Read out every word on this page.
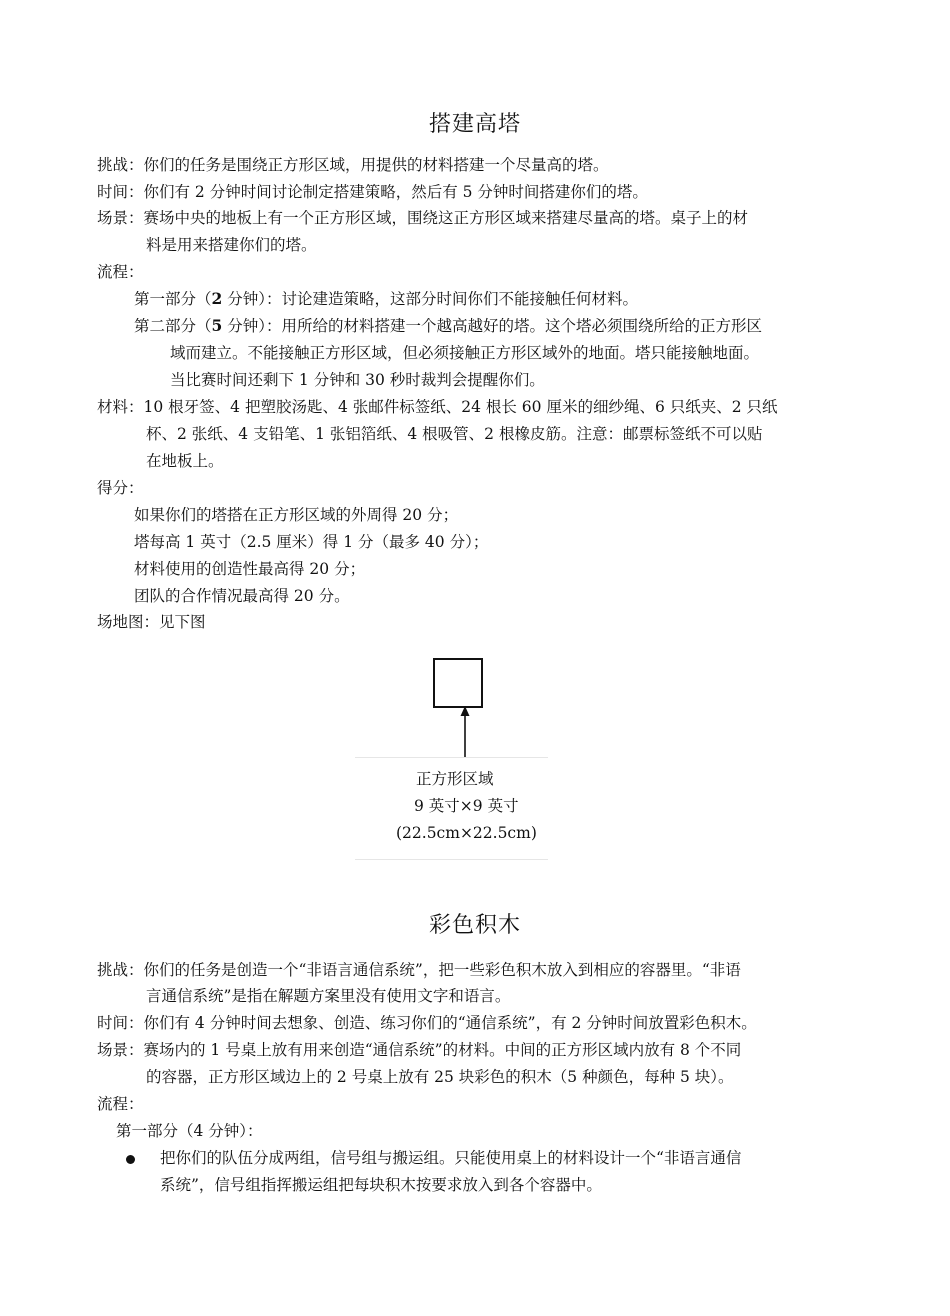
搭建高塔
挑战：你们的任务是围绕正方形区域，用提供的材料搭建一个尽量高的塔。
时间：你们有 2 分钟时间讨论制定搭建策略，然后有 5 分钟时间搭建你们的塔。
场景：赛场中央的地板上有一个正方形区域，围绕这正方形区域来搭建尽量高的塔。桌子上的材
料是用来搭建你们的塔。
流程：
第一部分（2 分钟）：讨论建造策略，这部分时间你们不能接触任何材料。
第二部分（5 分钟）：用所给的材料搭建一个越高越好的塔。这个塔必须围绕所给的正方形区
域而建立。不能接触正方形区域，但必须接触正方形区域外的地面。塔只能接触地面。
当比赛时间还剩下 1 分钟和 30 秒时裁判会提醒你们。
材料：10 根牙签、4 把塑胶汤匙、4 张邮件标签纸、24 根长 60 厘米的细纱绳、6 只纸夹、2 只纸
杯、2 张纸、4 支铅笔、1 张铝箔纸、4 根吸管、2 根橡皮筋。注意：邮票标签纸不可以贴
在地板上。
得分：
如果你们的塔搭在正方形区域的外周得 20 分；
塔每高 1 英寸（2.5 厘米）得 1 分（最多 40 分）；
材料使用的创造性最高得 20 分；
团队的合作情况最高得 20 分。
场地图：见下图
正方形区域
9 英寸×9 英寸
(22.5cm×22.5cm)
彩色积木
挑战：你们的任务是创造一个“非语言通信系统”，把一些彩色积木放入到相应的容器里。“非语
言通信系统”是指在解题方案里没有使用文字和语言。
时间：你们有 4 分钟时间去想象、创造、练习你们的“通信系统”，有 2 分钟时间放置彩色积木。
场景：赛场内的 1 号桌上放有用来创造“通信系统”的材料。中间的正方形区域内放有 8 个不同
的容器，正方形区域边上的 2 号桌上放有 25 块彩色的积木（5 种颜色，每种 5 块）。
流程：
第一部分（4 分钟）：
把你们的队伍分成两组，信号组与搬运组。只能使用桌上的材料设计一个“非语言通信
系统”，信号组指挥搬运组把每块积木按要求放入到各个容器中。
